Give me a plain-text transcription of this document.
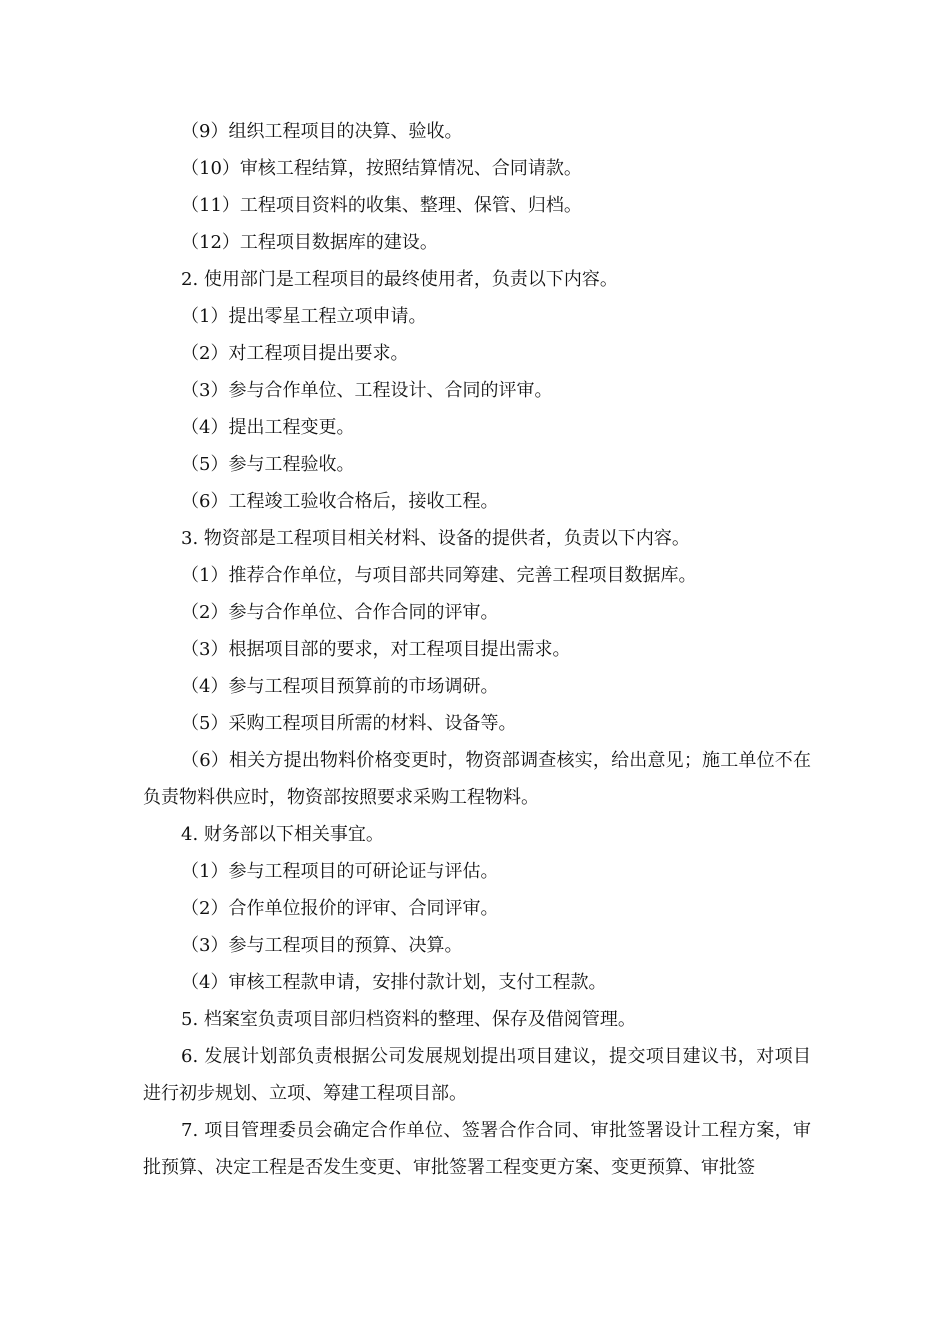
（9）组织工程项目的决算、验收。

（10）审核工程结算，按照结算情况、合同请款。

（11）工程项目资料的收集、整理、保管、归档。

（12）工程项目数据库的建设。

2. 使用部门是工程项目的最终使用者，负责以下内容。

（1）提出零星工程立项申请。

（2）对工程项目提出要求。

（3）参与合作单位、工程设计、合同的评审。

（4）提出工程变更。

（5）参与工程验收。

（6）工程竣工验收合格后，接收工程。

3. 物资部是工程项目相关材料、设备的提供者，负责以下内容。

（1）推荐合作单位，与项目部共同筹建、完善工程项目数据库。

（2）参与合作单位、合作合同的评审。

（3）根据项目部的要求，对工程项目提出需求。

（4）参与工程项目预算前的市场调研。

（5）采购工程项目所需的材料、设备等。

（6）相关方提出物料价格变更时，物资部调查核实，给出意见；施工单位不在负责物料供应时，物资部按照要求采购工程物料。

4. 财务部以下相关事宜。

（1）参与工程项目的可研论证与评估。

（2）合作单位报价的评审、合同评审。

（3）参与工程项目的预算、决算。

（4）审核工程款申请，安排付款计划，支付工程款。

5. 档案室负责项目部归档资料的整理、保存及借阅管理。

6. 发展计划部负责根据公司发展规划提出项目建议，提交项目建议书，对项目进行初步规划、立项、筹建工程项目部。

7. 项目管理委员会确定合作单位、签署合作合同、审批签署设计工程方案，审批预算、决定工程是否发生变更、审批签署工程变更方案、变更预算、审批签
